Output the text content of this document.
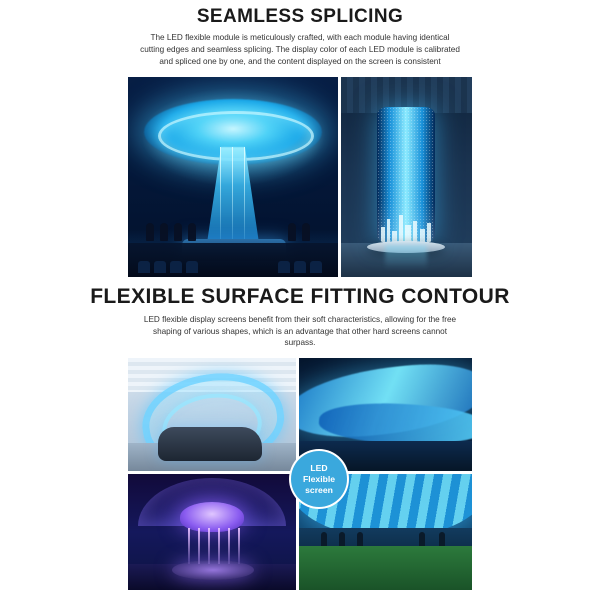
SEAMLESS SPLICING

The LED flexible module is meticulously crafted, with each module having identical cutting edges and seamless splicing. The display color of each LED module is calibrated and spliced one by one, and the content displayed on the screen is consistent

FLEXIBLE SURFACE FITTING CONTOUR

LED flexible display screens benefit from their soft characteristics, allowing for the free shaping of various shapes, which is an advantage that other hard screens cannot surpass.

LED
Flexible
screen
